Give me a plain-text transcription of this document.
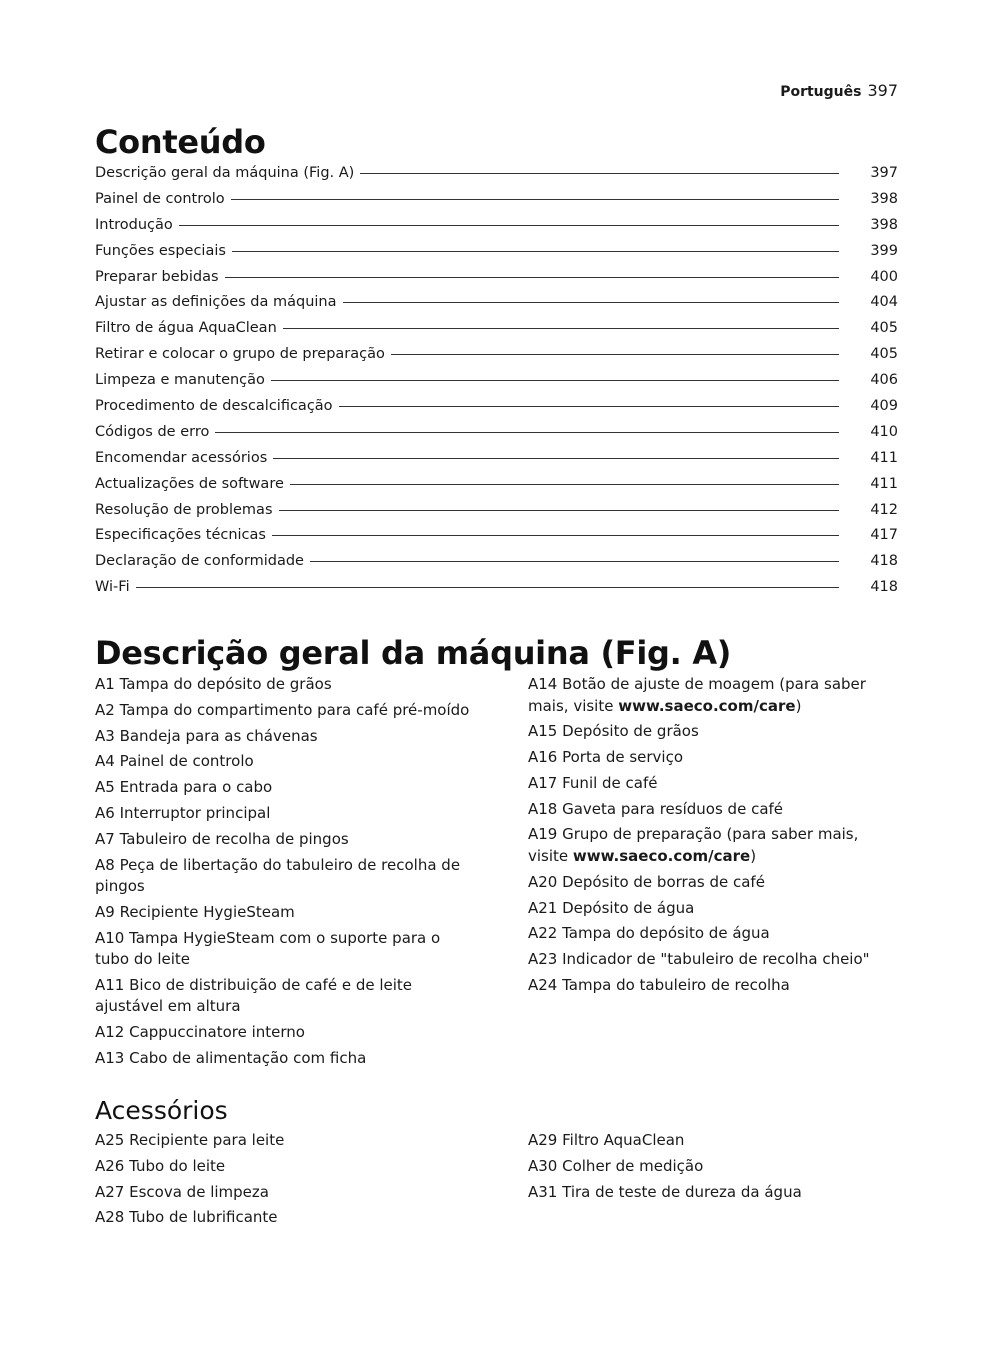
Português 397
Conteúdo
Descrição geral da máquina (Fig. A)	397
Painel de controlo	398
Introdução	398
Funções especiais	399
Preparar bebidas	400
Ajustar as definições da máquina	404
Filtro de água AquaClean	405
Retirar e colocar o grupo de preparação	405
Limpeza e manutenção	406
Procedimento de descalcificação	409
Códigos de erro	410
Encomendar acessórios	411
Actualizações de software	411
Resolução de problemas	412
Especificações técnicas	417
Declaração de conformidade	418
Wi-Fi	418
Descrição geral da máquina (Fig. A)
A1 Tampa do depósito de grãos
A2 Tampa do compartimento para café pré-moído
A3 Bandeja para as chávenas
A4 Painel de controlo
A5 Entrada para o cabo
A6 Interruptor principal
A7 Tabuleiro de recolha de pingos
A8 Peça de libertação do tabuleiro de recolha de pingos
A9 Recipiente HygieSteam
A10 Tampa HygieSteam com o suporte para o tubo do leite
A11 Bico de distribuição de café e de leite ajustável em altura
A12 Cappuccinatore interno
A13 Cabo de alimentação com ficha
A14 Botão de ajuste de moagem (para saber mais, visite www.saeco.com/care)
A15 Depósito de grãos
A16 Porta de serviço
A17 Funil de café
A18 Gaveta para resíduos de café
A19 Grupo de preparação (para saber mais, visite www.saeco.com/care)
A20 Depósito de borras de café
A21 Depósito de água
A22 Tampa do depósito de água
A23 Indicador de "tabuleiro de recolha cheio"
A24 Tampa do tabuleiro de recolha
Acessórios
A25 Recipiente para leite
A26 Tubo do leite
A27 Escova de limpeza
A28 Tubo de lubrificante
A29 Filtro AquaClean
A30 Colher de medição
A31 Tira de teste de dureza da água
